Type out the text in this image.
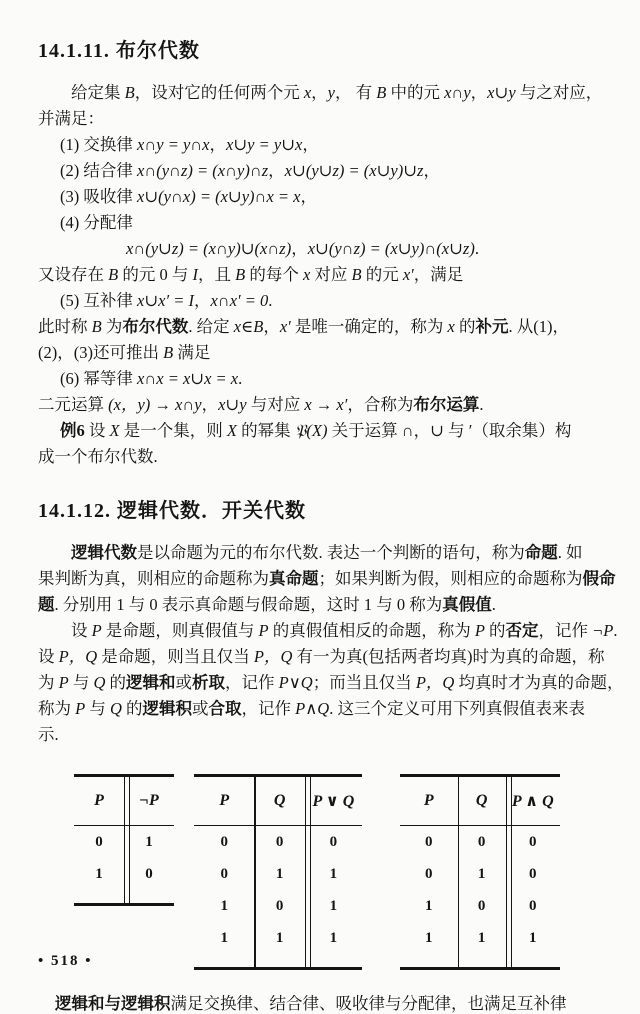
14.1.11. 布尔代数
给定集 B，设对它的任何两个元 x，y， 有 B 中的元 x∩y，x∪y 与之对应，
并满足：
(1) 交换律 x∩y = y∩x，x∪y = y∪x，
(2) 结合律 x∩(y∩z) = (x∩y)∩z，x∪(y∪z) = (x∪y)∪z，
(3) 吸收律 x∪(y∩x) = (x∪y)∩x = x，
(4) 分配律
x∩(y∪z) = (x∩y)∪(x∩z)，x∪(y∩z) = (x∪y)∩(x∪z).
又设存在 B 的元 0 与 I，且 B 的每个 x 对应 B 的元 x′，满足
(5) 互补律 x∪x′ = I，x∩x′ = 0.
此时称 B 为布尔代数. 给定 x∈B，x′ 是唯一确定的，称为 x 的补元. 从(1)，
(2)，(3)还可推出 B 满足
(6) 幂等律 x∩x = x∪x = x.
二元运算 (x，y) → x∩y，x∪y 与对应 x → x′，合称为布尔运算.
例6 设 X 是一个集，则 X 的幂集 𝔓(X) 关于运算 ∩，∪ 与 ′（取余集）构
成一个布尔代数.
14.1.12. 逻辑代数．开关代数
逻辑代数是以命题为元的布尔代数. 表达一个判断的语句，称为命题. 如
果判断为真，则相应的命题称为真命题；如果判断为假，则相应的命题称为假命
题. 分别用 1 与 0 表示真命题与假命题，这时 1 与 0 称为真假值.
设 P 是命题，则真假值与 P 的真假值相反的命题，称为 P 的否定，记作 ¬P.
设 P，Q 是命题，则当且仅当 P，Q 有一为真(包括两者均真)时为真的命题，称
为 P 与 Q 的逻辑和或析取，记作 P∨Q；而当且仅当 P，Q 均真时才为真的命题，
称为 P 与 Q 的逻辑积或合取，记作 P∧Q. 这三个定义可用下列真假值表来表
示.
P	¬P
0	1
1	0
P	Q	P ∨ Q
0	0	0
0	1	1
1	0	1
1	1	1
P	Q	P ∧ Q
0	0	0
0	1	0
1	0	0
1	1	1
逻辑和与逻辑积满足交换律、结合律、吸收律与分配律，也满足互补律
• 518 •
